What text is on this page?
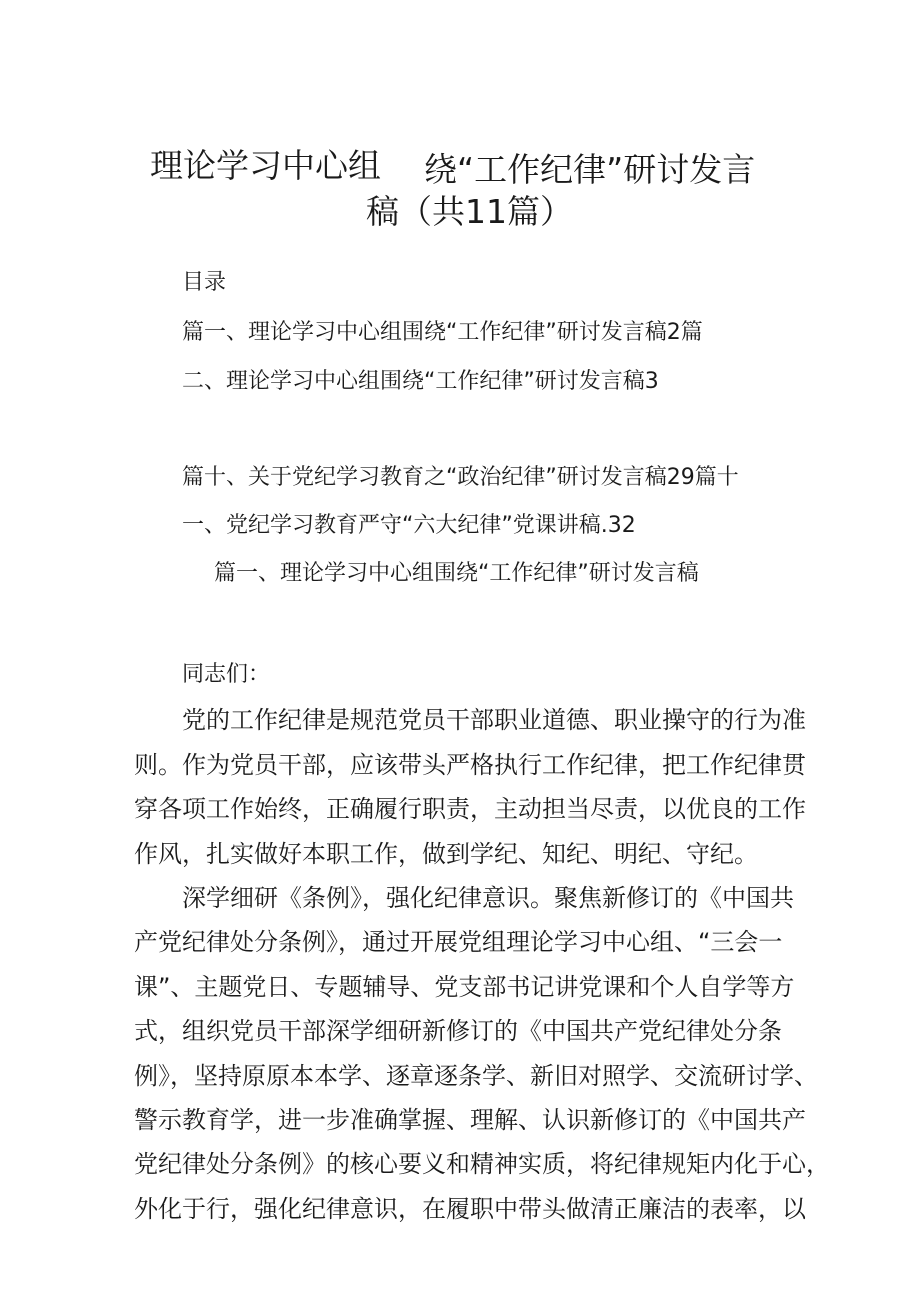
理论学习中心组 绕“工作纪律”研讨发言
稿（共11篇）
目录
篇一、理论学习中心组围绕“工作纪律”研讨发言稿2篇
二、理论学习中心组围绕“工作纪律”研讨发言稿3
篇十、关于党纪学习教育之“政治纪律”研讨发言稿29篇十
一、党纪学习教育严守“六大纪律”党课讲稿.32
篇一、理论学习中心组围绕“工作纪律”研讨发言稿
同志们：
党的工作纪律是规范党员干部职业道德、职业操守的行为准
则。作为党员干部，应该带头严格执行工作纪律，把工作纪律贯
穿各项工作始终，正确履行职责，主动担当尽责，以优良的工作
作风，扎实做好本职工作，做到学纪、知纪、明纪、守纪。
深学细研《条例》，强化纪律意识。聚焦新修订的《中国共
产党纪律处分条例》，通过开展党组理论学习中心组、“三会一
课”、主题党日、专题辅导、党支部书记讲党课和个人自学等方
式，组织党员干部深学细研新修订的《中国共产党纪律处分条
例》，坚持原原本本学、逐章逐条学、新旧对照学、交流研讨学、
警示教育学，进一步准确掌握、理解、认识新修订的《中国共产
党纪律处分条例》的核心要义和精神实质，将纪律规矩内化于心，
外化于行，强化纪律意识，在履职中带头做清正廉洁的表率，以
